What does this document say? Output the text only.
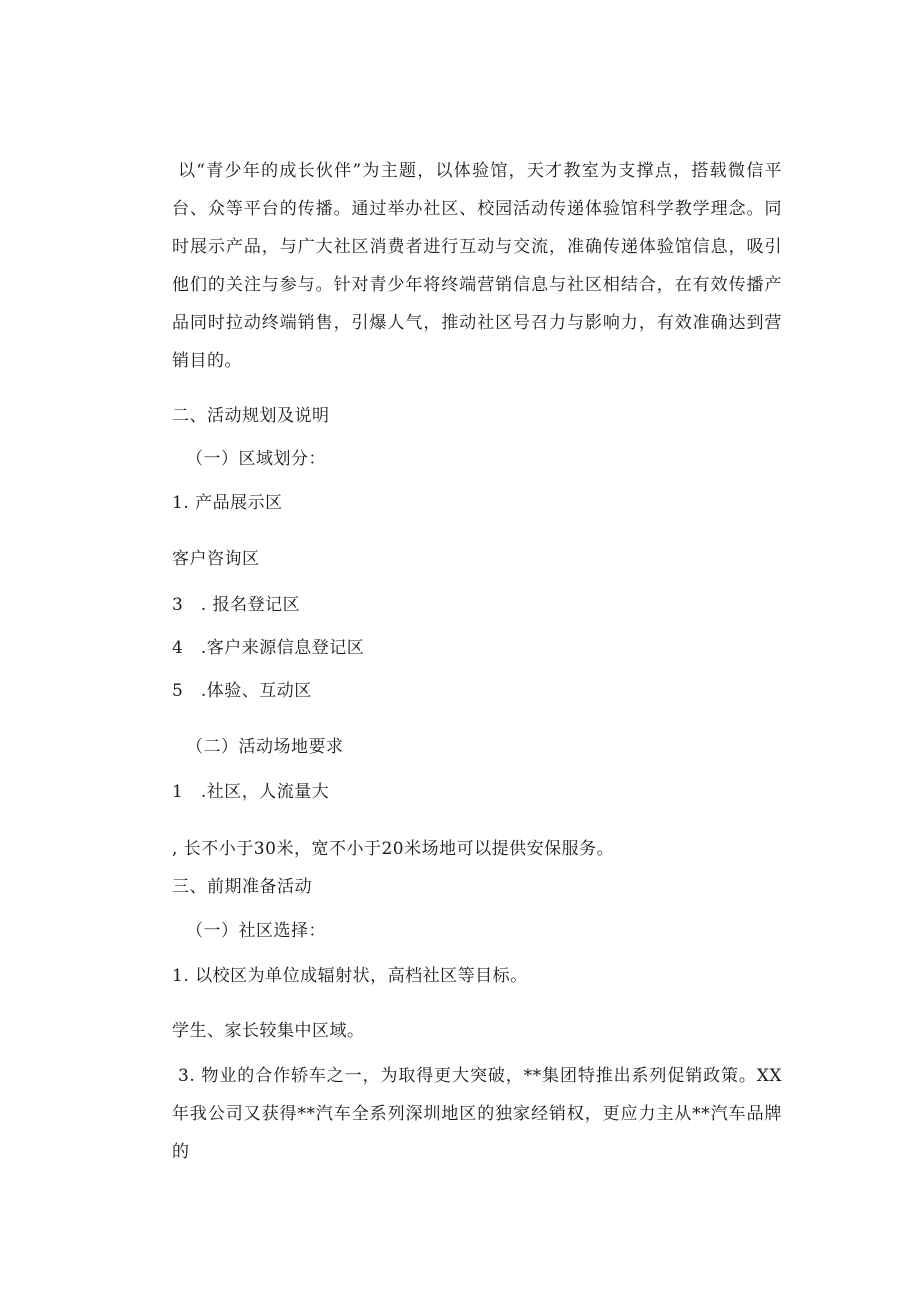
以“青少年的成长伙伴”为主题，以体验馆，天才教室为支撑点，搭载微信平台、众等平台的传播。通过举办社区、校园活动传递体验馆科学教学理念。同时展示产品，与广大社区消费者进行互动与交流，准确传递体验馆信息，吸引他们的关注与参与。针对青少年将终端营销信息与社区相结合，在有效传播产品同时拉动终端销售，引爆人气，推动社区号召力与影响力，有效准确达到营销目的。

二、活动规划及说明

（一）区域划分：

1. 产品展示区

客户咨询区

3　. 报名登记区

4　.客户来源信息登记区

5　.体验、互动区

（二）活动场地要求

1　.社区，人流量大

, 长不小于30米，宽不小于20米场地可以提供安保服务。

三、前期准备活动

（一）社区选择：

1. 以校区为单位成辐射状，高档社区等目标。

学生、家长较集中区域。

3. 物业的合作轿车之一，为取得更大突破，**集团特推出系列促销政策。XX年我公司又获得**汽车全系列深圳地区的独家经销权，更应力主从**汽车品牌的
